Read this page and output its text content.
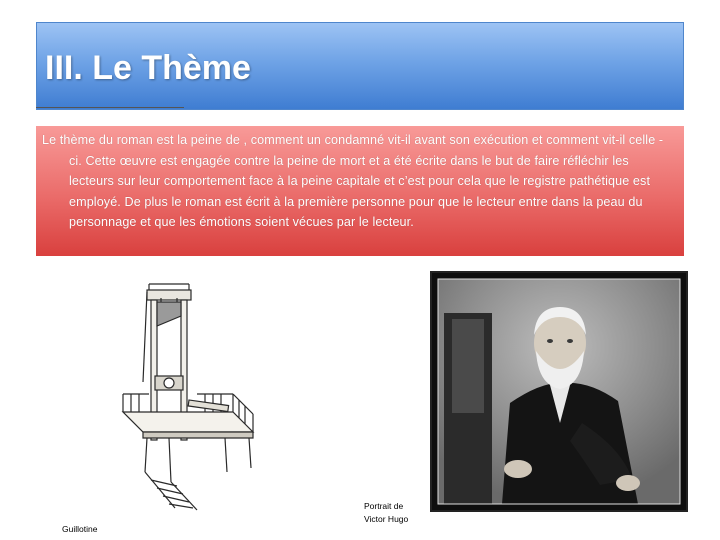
III. Le Thème

Le thème du roman est la peine de , comment un condamné vit-il avant son exécution et comment vit-il celle -ci. Cette œuvre est engagée contre la peine de mort et a été écrite dans le but de faire réfléchir les lecteurs sur leur comportement face à la peine capitale et c’est pour cela que le registre pathétique est employé. De plus le roman est écrit à la première personne pour que le lecteur entre dans la peau du personnage et que les émotions soient vécues par le lecteur.

Guillotine
Portrait de Victor Hugo
